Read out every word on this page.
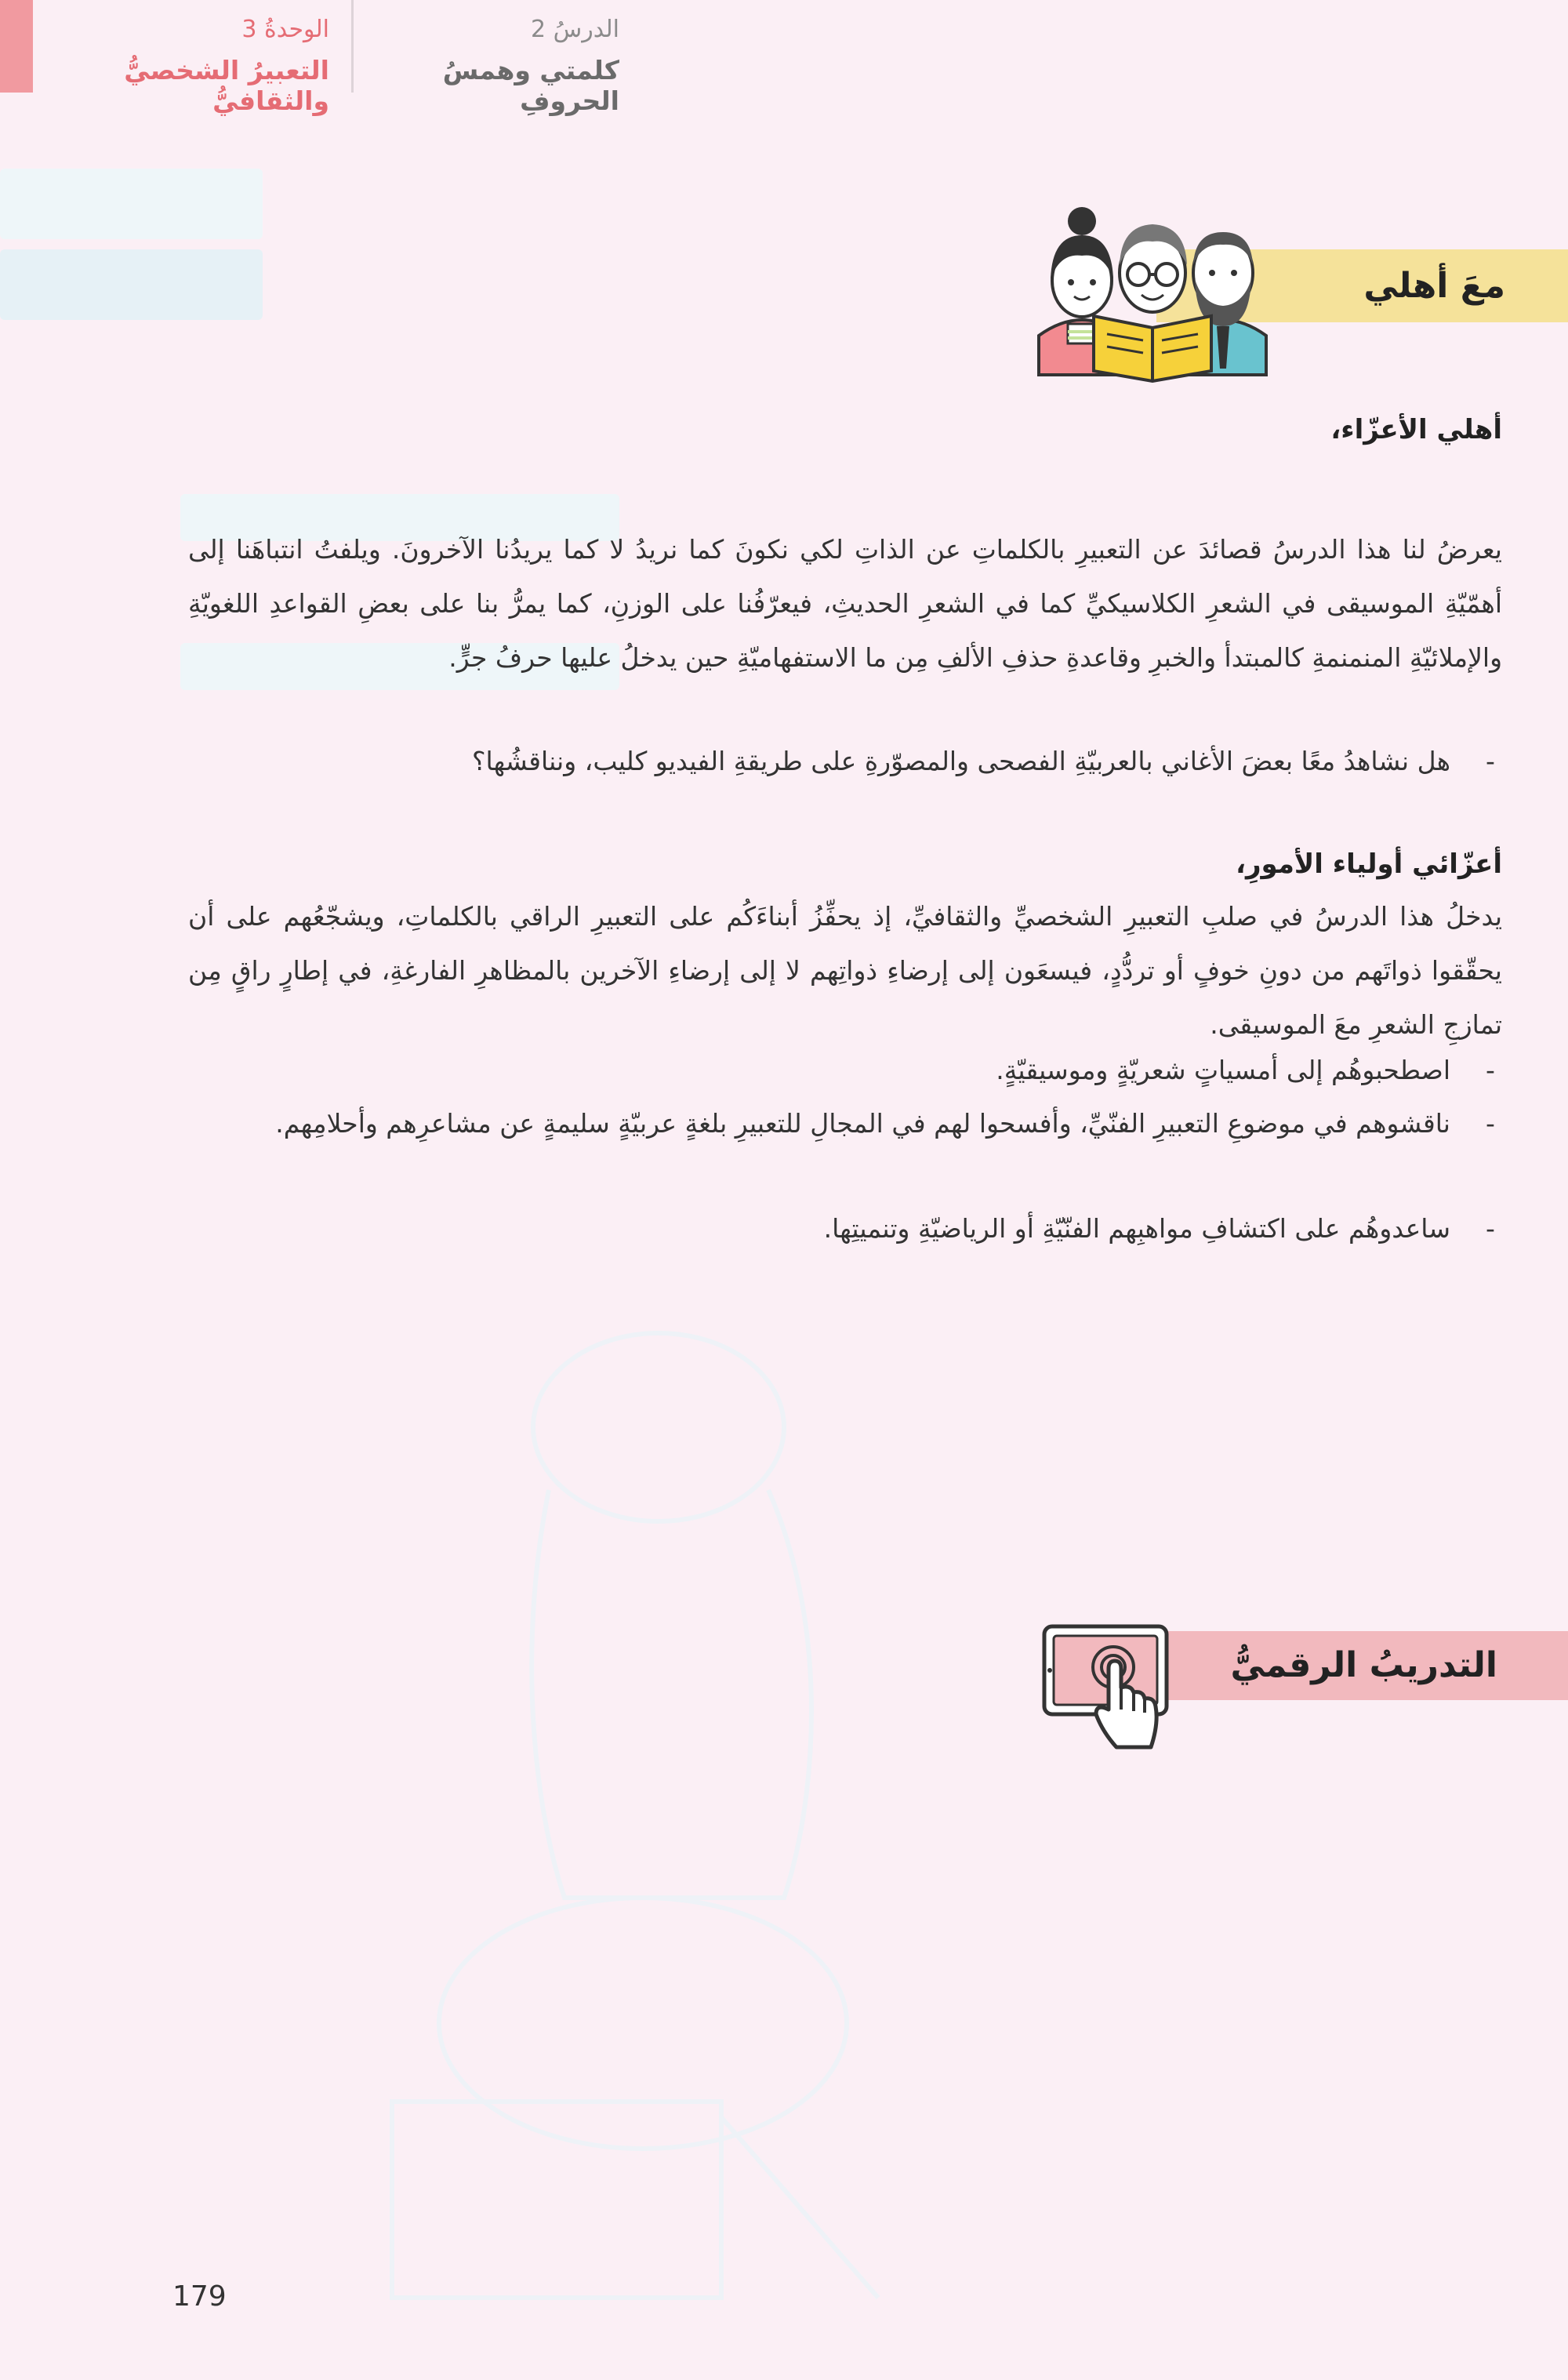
الوحدةُ 3
التعبيرُ الشخصيُّ والثقافيُّ
الدرسُ 2
كلمتي وهمسُ الحروفِ
معَ أهلي
أهلي الأعزّاء،
يعرضُ لنا هذا الدرسُ قصائدَ عن التعبيرِ بالكلماتِ عن الذاتِ لكي نكونَ كما نريدُ لا كما يريدُنا الآخرونَ. ويلفتُ انتباهَنا إلى أهمّيّةِ الموسيقى في الشعرِ الكلاسيكيِّ كما في الشعرِ الحديثِ، فيعرّفُنا على الوزنِ، كما يمرُّ بنا على بعضِ القواعدِ اللغويّةِ والإملائيّةِ المنمنمةِ كالمبتدأ والخبرِ وقاعدةِ حذفِ الألفِ مِن ما الاستفهاميّةِ حين يدخلُ عليها حرفُ جرٍّ.
-
هل نشاهدُ معًا بعضَ الأغاني بالعربيّةِ الفصحى والمصوّرةِ على طريقةِ الفيديو كليب، ونناقشُها؟
أعزّائي أولياء الأمورِ،
يدخلُ هذا الدرسُ في صلبِ التعبيرِ الشخصيِّ والثقافيِّ، إذ يحفِّزُ أبناءَكُم على التعبيرِ الراقي بالكلماتِ، ويشجّعُهم على أن يحقّقوا ذواتَهم من دونِ خوفٍ أو تردُّدٍ، فيسعَون إلى إرضاءِ ذواتِهم لا إلى إرضاءِ الآخرين بالمظاهرِ الفارغةِ، في إطارٍ راقٍ مِن تمازجِ الشعرِ معَ الموسيقى.
-
اصطحبوهُم إلى أمسياتٍ شعريّةٍ وموسيقيّةٍ.
-
ناقشوهم في موضوعِ التعبيرِ الفنّيِّ، وأفسحوا لهم في المجالِ للتعبيرِ بلغةٍ عربيّةٍ سليمةٍ عن مشاعرِهم وأحلامِهم.
-
ساعدوهُم على اكتشافِ مواهبِهم الفنّيّةِ أو الرياضيّةِ وتنميتِها.
التدريبُ الرقميُّ
179
